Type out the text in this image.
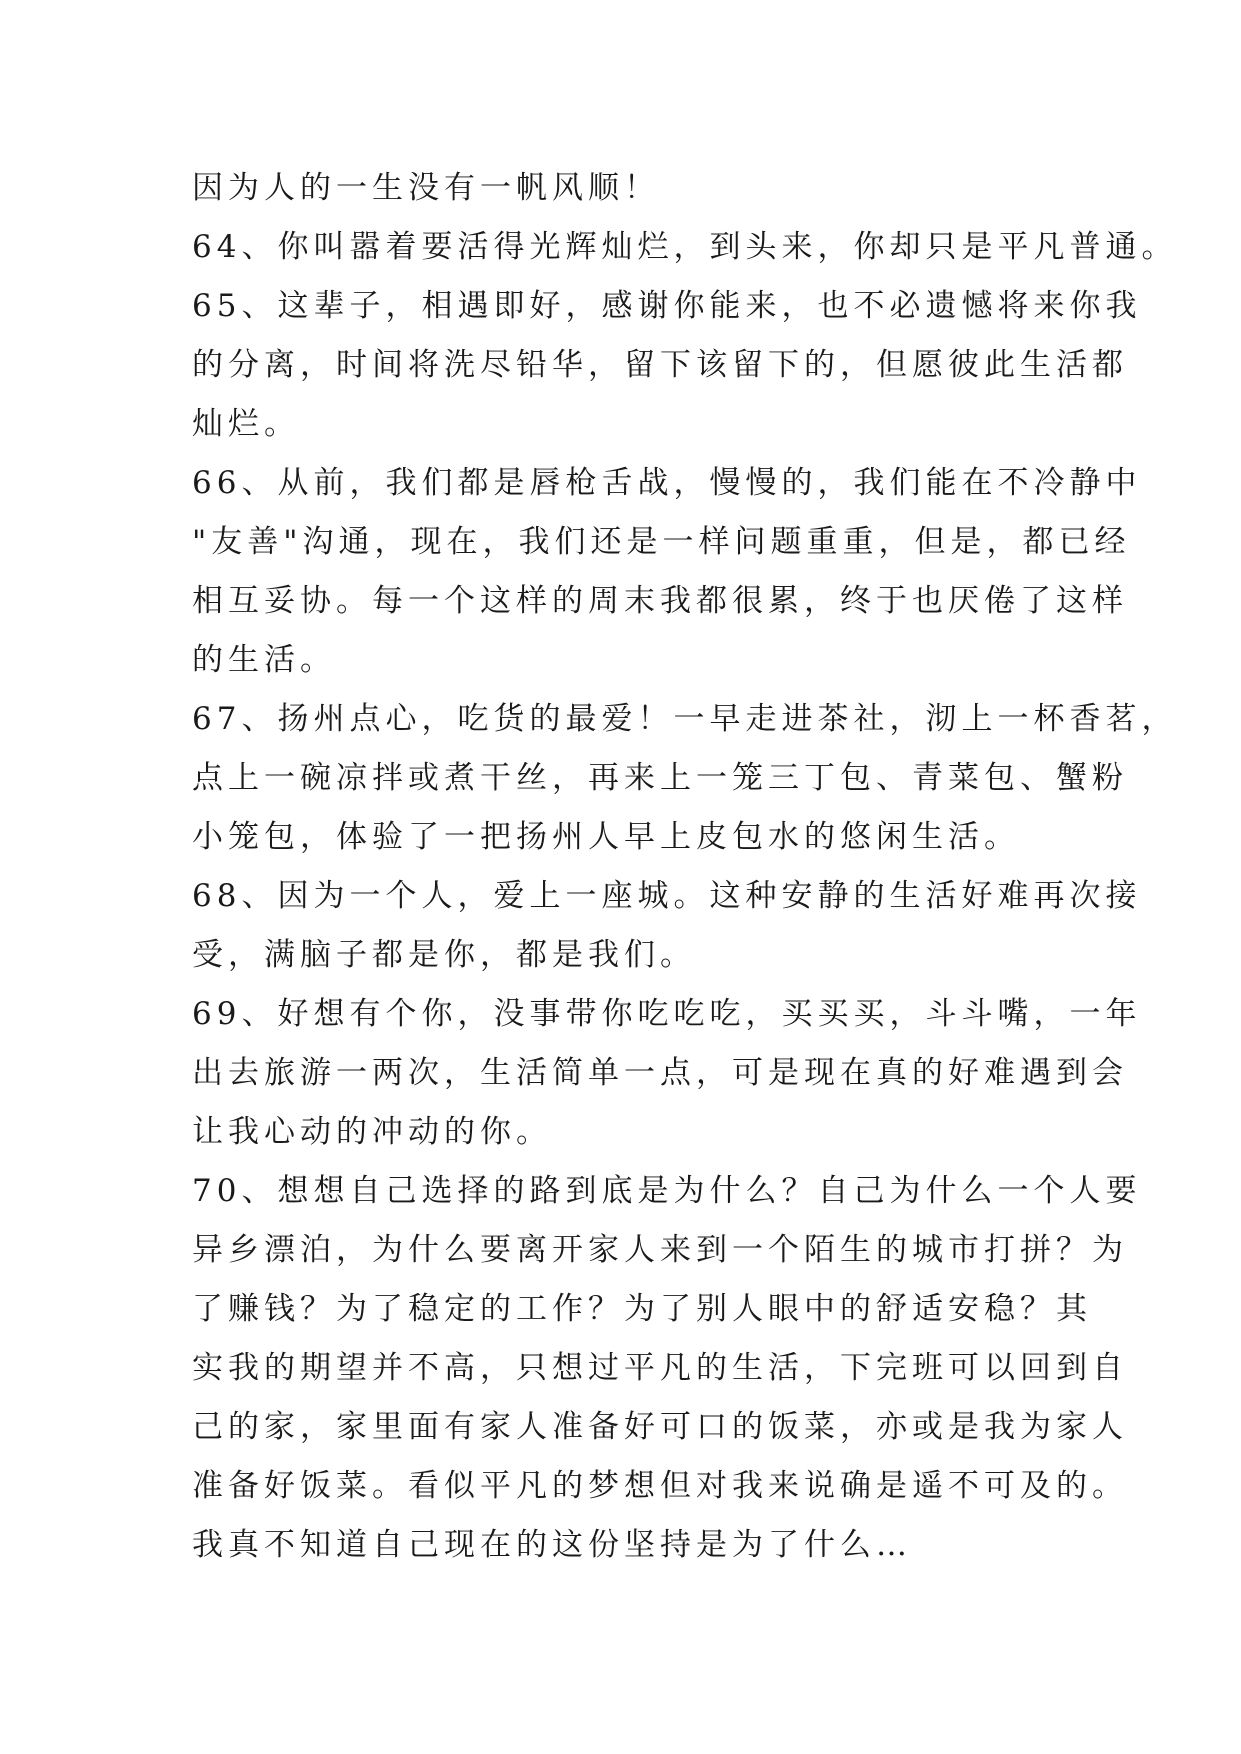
因为人的一生没有一帆风顺！
64、你叫嚣着要活得光辉灿烂，到头来，你却只是平凡普通。
65、这辈子，相遇即好，感谢你能来，也不必遗憾将来你我
的分离，时间将洗尽铅华，留下该留下的，但愿彼此生活都
灿烂。
66、从前，我们都是唇枪舌战，慢慢的，我们能在不冷静中
"友善"沟通，现在，我们还是一样问题重重，但是，都已经
相互妥协。每一个这样的周末我都很累，终于也厌倦了这样
的生活。
67、扬州点心，吃货的最爱！一早走进茶社，沏上一杯香茗，
点上一碗凉拌或煮干丝，再来上一笼三丁包、青菜包、蟹粉
小笼包，体验了一把扬州人早上皮包水的悠闲生活。
68、因为一个人，爱上一座城。这种安静的生活好难再次接
受，满脑子都是你，都是我们。
69、好想有个你，没事带你吃吃吃，买买买，斗斗嘴，一年
出去旅游一两次，生活简单一点，可是现在真的好难遇到会
让我心动的冲动的你。
70、想想自己选择的路到底是为什么？自己为什么一个人要
异乡漂泊，为什么要离开家人来到一个陌生的城市打拼？为
了赚钱？为了稳定的工作？为了别人眼中的舒适安稳？其
实我的期望并不高，只想过平凡的生活，下完班可以回到自
己的家，家里面有家人准备好可口的饭菜，亦或是我为家人
准备好饭菜。看似平凡的梦想但对我来说确是遥不可及的。
我真不知道自己现在的这份坚持是为了什么…
